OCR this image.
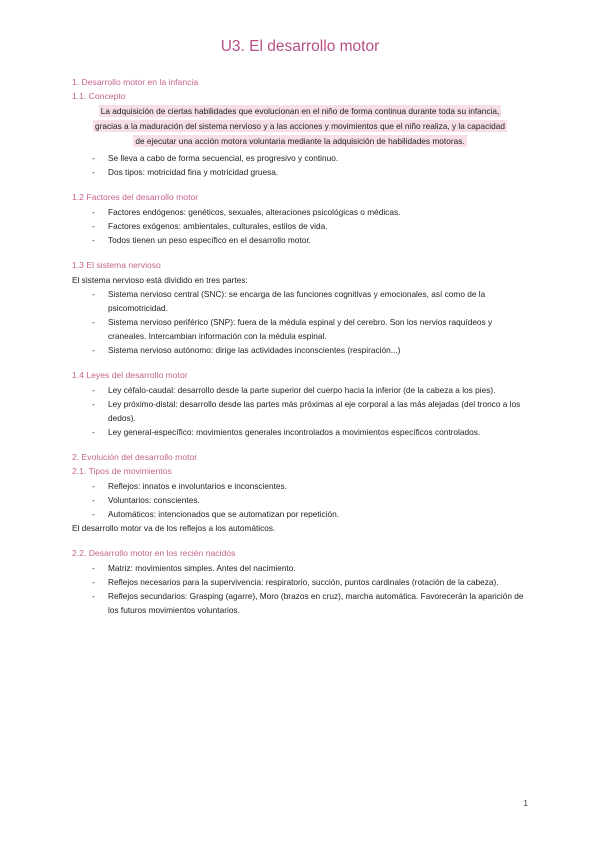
U3. El desarrollo motor
1. Desarrollo motor en la infancia
1.1. Concepto
La adquisición de ciertas habilidades que evolucionan en el niño de forma continua durante toda su infancia,
gracias a la maduración del sistema nervioso y a las acciones y movimientos que el niño realiza, y la capacidad
de ejecutar una acción motora voluntaria mediante la adquisición de habilidades motoras.
- Se lleva a cabo de forma secuencial, es progresivo y continuo.
- Dos tipos: motricidad fina y motricidad gruesa.
1.2 Factores del desarrollo motor
- Factores endógenos: genéticos, sexuales, alteraciones psicológicas o médicas.
- Factores exógenos: ambientales, culturales, estilos de vida.
- Todos tienen un peso específico en el desarrollo motor.
1.3 El sistema nervioso

El sistema nervioso está dividido en tres partes:

- Sistema nervioso central (SNC): se encarga de las funciones cognitivas y emocionales, así como de la psicomotricidad.
- Sistema nervioso periférico (SNP): fuera de la médula espinal y del cerebro. Son los nervios raquídeos y craneales. Intercambian información con la médula espinal.
- Sistema nervioso autónomo: dirige las actividades inconscientes (respiración...)
1.4 Leyes del desarrollo motor
- Ley céfalo-caudal: desarrollo desde la parte superior del cuerpo hacia la inferior (de la cabeza a los pies).
- Ley próximo-distal: desarrollo desde las partes más próximas al eje corporal a las más alejadas (del tronco a los dedos).
- Ley general-específico: movimientos generales incontrolados a movimientos específicos controlados.
2. Evolución del desarrollo motor
2.1. Tipos de movimientos
- Reflejos: innatos e involuntarios e inconscientes.
- Voluntarios: conscientes.
- Automáticos: intencionados que se automatizan por repetición.

El desarrollo motor va de los reflejos a los automáticos.

2.2. Desarrollo motor en los recién nacidos
- Matriz: movimientos simples. Antes del nacimiento.
- Reflejos necesarios para la supervivencia: respiratorio, succión, puntos cardinales (rotación de la cabeza).
- Reflejos secundarios: Grasping (agarre), Moro (brazos en cruz), marcha automática. Favorecerán la aparición de los futuros movimientos voluntarios.
1
